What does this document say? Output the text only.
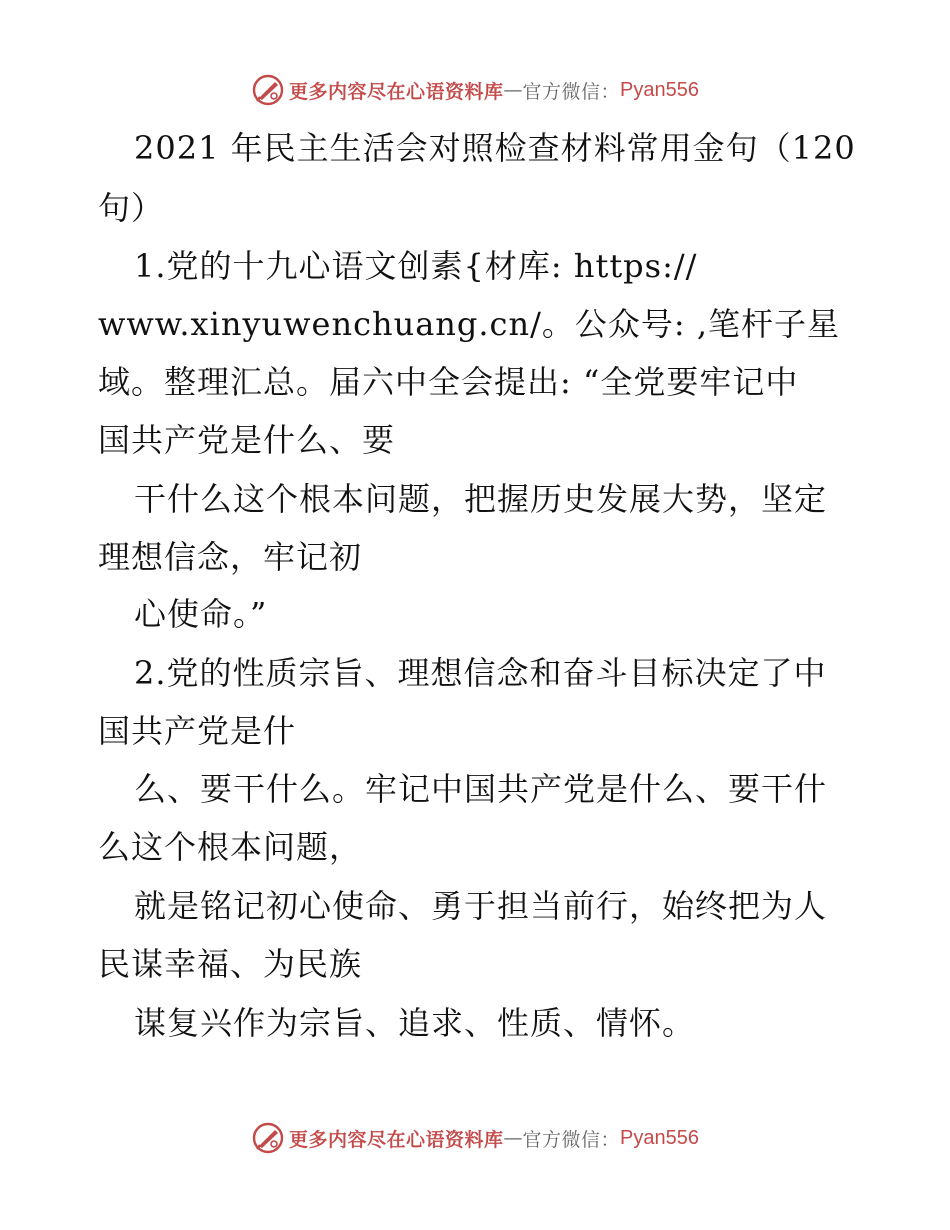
更多内容尽在心语资料库 — 官方微信： Pyan556
2021 年民主生活会对照检查材料常用金句（120
句）
1.党的十九心语文创素{材库: https://
www.xinyuwenchuang.cn/。公众号: ,笔杆子星
域。整理汇总。届六中全会提出: “全党要牢记中
国共产党是什么、要
干什么这个根本问题，把握历史发展大势，坚定
理想信念，牢记初
心使命。”
2.党的性质宗旨、理想信念和奋斗目标决定了中
国共产党是什
么、要干什么。牢记中国共产党是什么、要干什
么这个根本问题，
就是铭记初心使命、勇于担当前行，始终把为人
民谋幸福、为民族
谋复兴作为宗旨、追求、性质、情怀。
更多内容尽在心语资料库 — 官方微信： Pyan556
